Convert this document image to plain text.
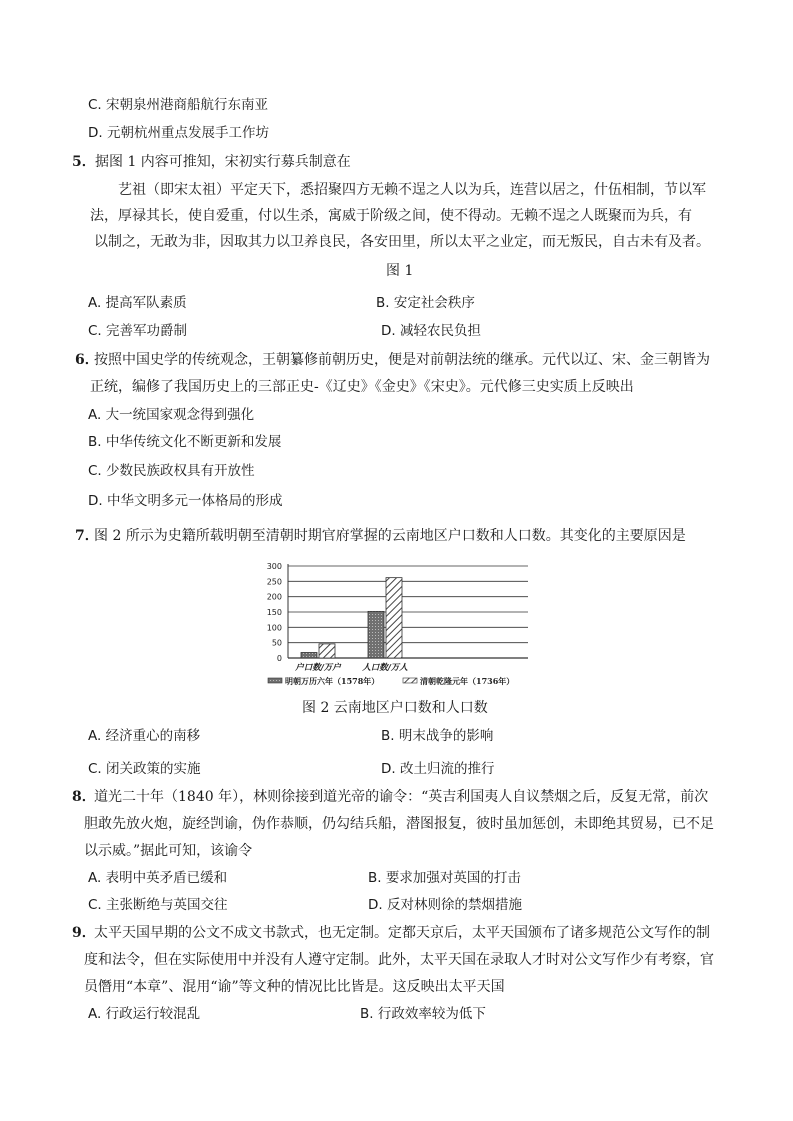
C. 宋朝泉州港商船航行东南亚
D. 元朝杭州重点发展手工作坊
5． 据图 1 内容可推知，宋初实行募兵制意在
艺祖（即宋太祖）平定天下，悉招聚四方无赖不逞之人以为兵，连营以居之，什伍相制，节以军
法，厚禄其长，使自爱重，付以生杀，寓威于阶级之间，使不得动。无赖不逞之人既聚而为兵，有
以制之，无敢为非，因取其力以卫养良民，各安田里，所以太平之业定，而无叛民，自古未有及者。
图 1
A. 提高军队素质	B. 安定社会秩序
C. 完善军功爵制	D. 减轻农民负担
6．
按照中国史学的传统观念，王朝纂修前朝历史，便是对前朝法统的继承。元代以辽、宋、金三朝皆为
正统，编修了我国历史上的三部正史-《辽史》《金史》《宋史》。元代修三史实质上反映出
A. 大一统国家观念得到强化
B. 中华传统文化不断更新和发展
C. 少数民族政权具有开放性
D. 中华文明多元一体格局的形成
7．
图 2 所示为史籍所载明朝至清朝时期官府掌握的云南地区户口数和人口数。其变化的主要原因是
0
50
100
150
200
250
300
户口数/万户	人口数/万人
明朝万历六年（1578年）	清朝乾隆元年（1736年）
图 2 云南地区户口数和人口数
A. 经济重心的南移	B. 明末战争的影响
C. 闭关政策的实施	D. 改土归流的推行
8．
道光二十年（1840 年），林则徐接到道光帝的谕令：“英吉利国夷人自议禁烟之后，反复无常，前次
胆敢先放火炮，旋经剀谕，伪作恭顺，仍勾结兵船，潜图报复，彼时虽加惩创，未即绝其贸易，已不足
以示威。”据此可知，该谕令
A. 表明中英矛盾已缓和	B. 要求加强对英国的打击
C. 主张断绝与英国交往	D. 反对林则徐的禁烟措施
9．
太平天国早期的公文不成文书款式，也无定制。定都天京后，太平天国颁布了诸多规范公文写作的制
度和法令，但在实际使用中并没有人遵守定制。此外，太平天国在录取人才时对公文写作少有考察，官
员僭用“本章”、混用“谕”等文种的情况比比皆是。这反映出太平天国
A. 行政运行较混乱	B. 行政效率较为低下
